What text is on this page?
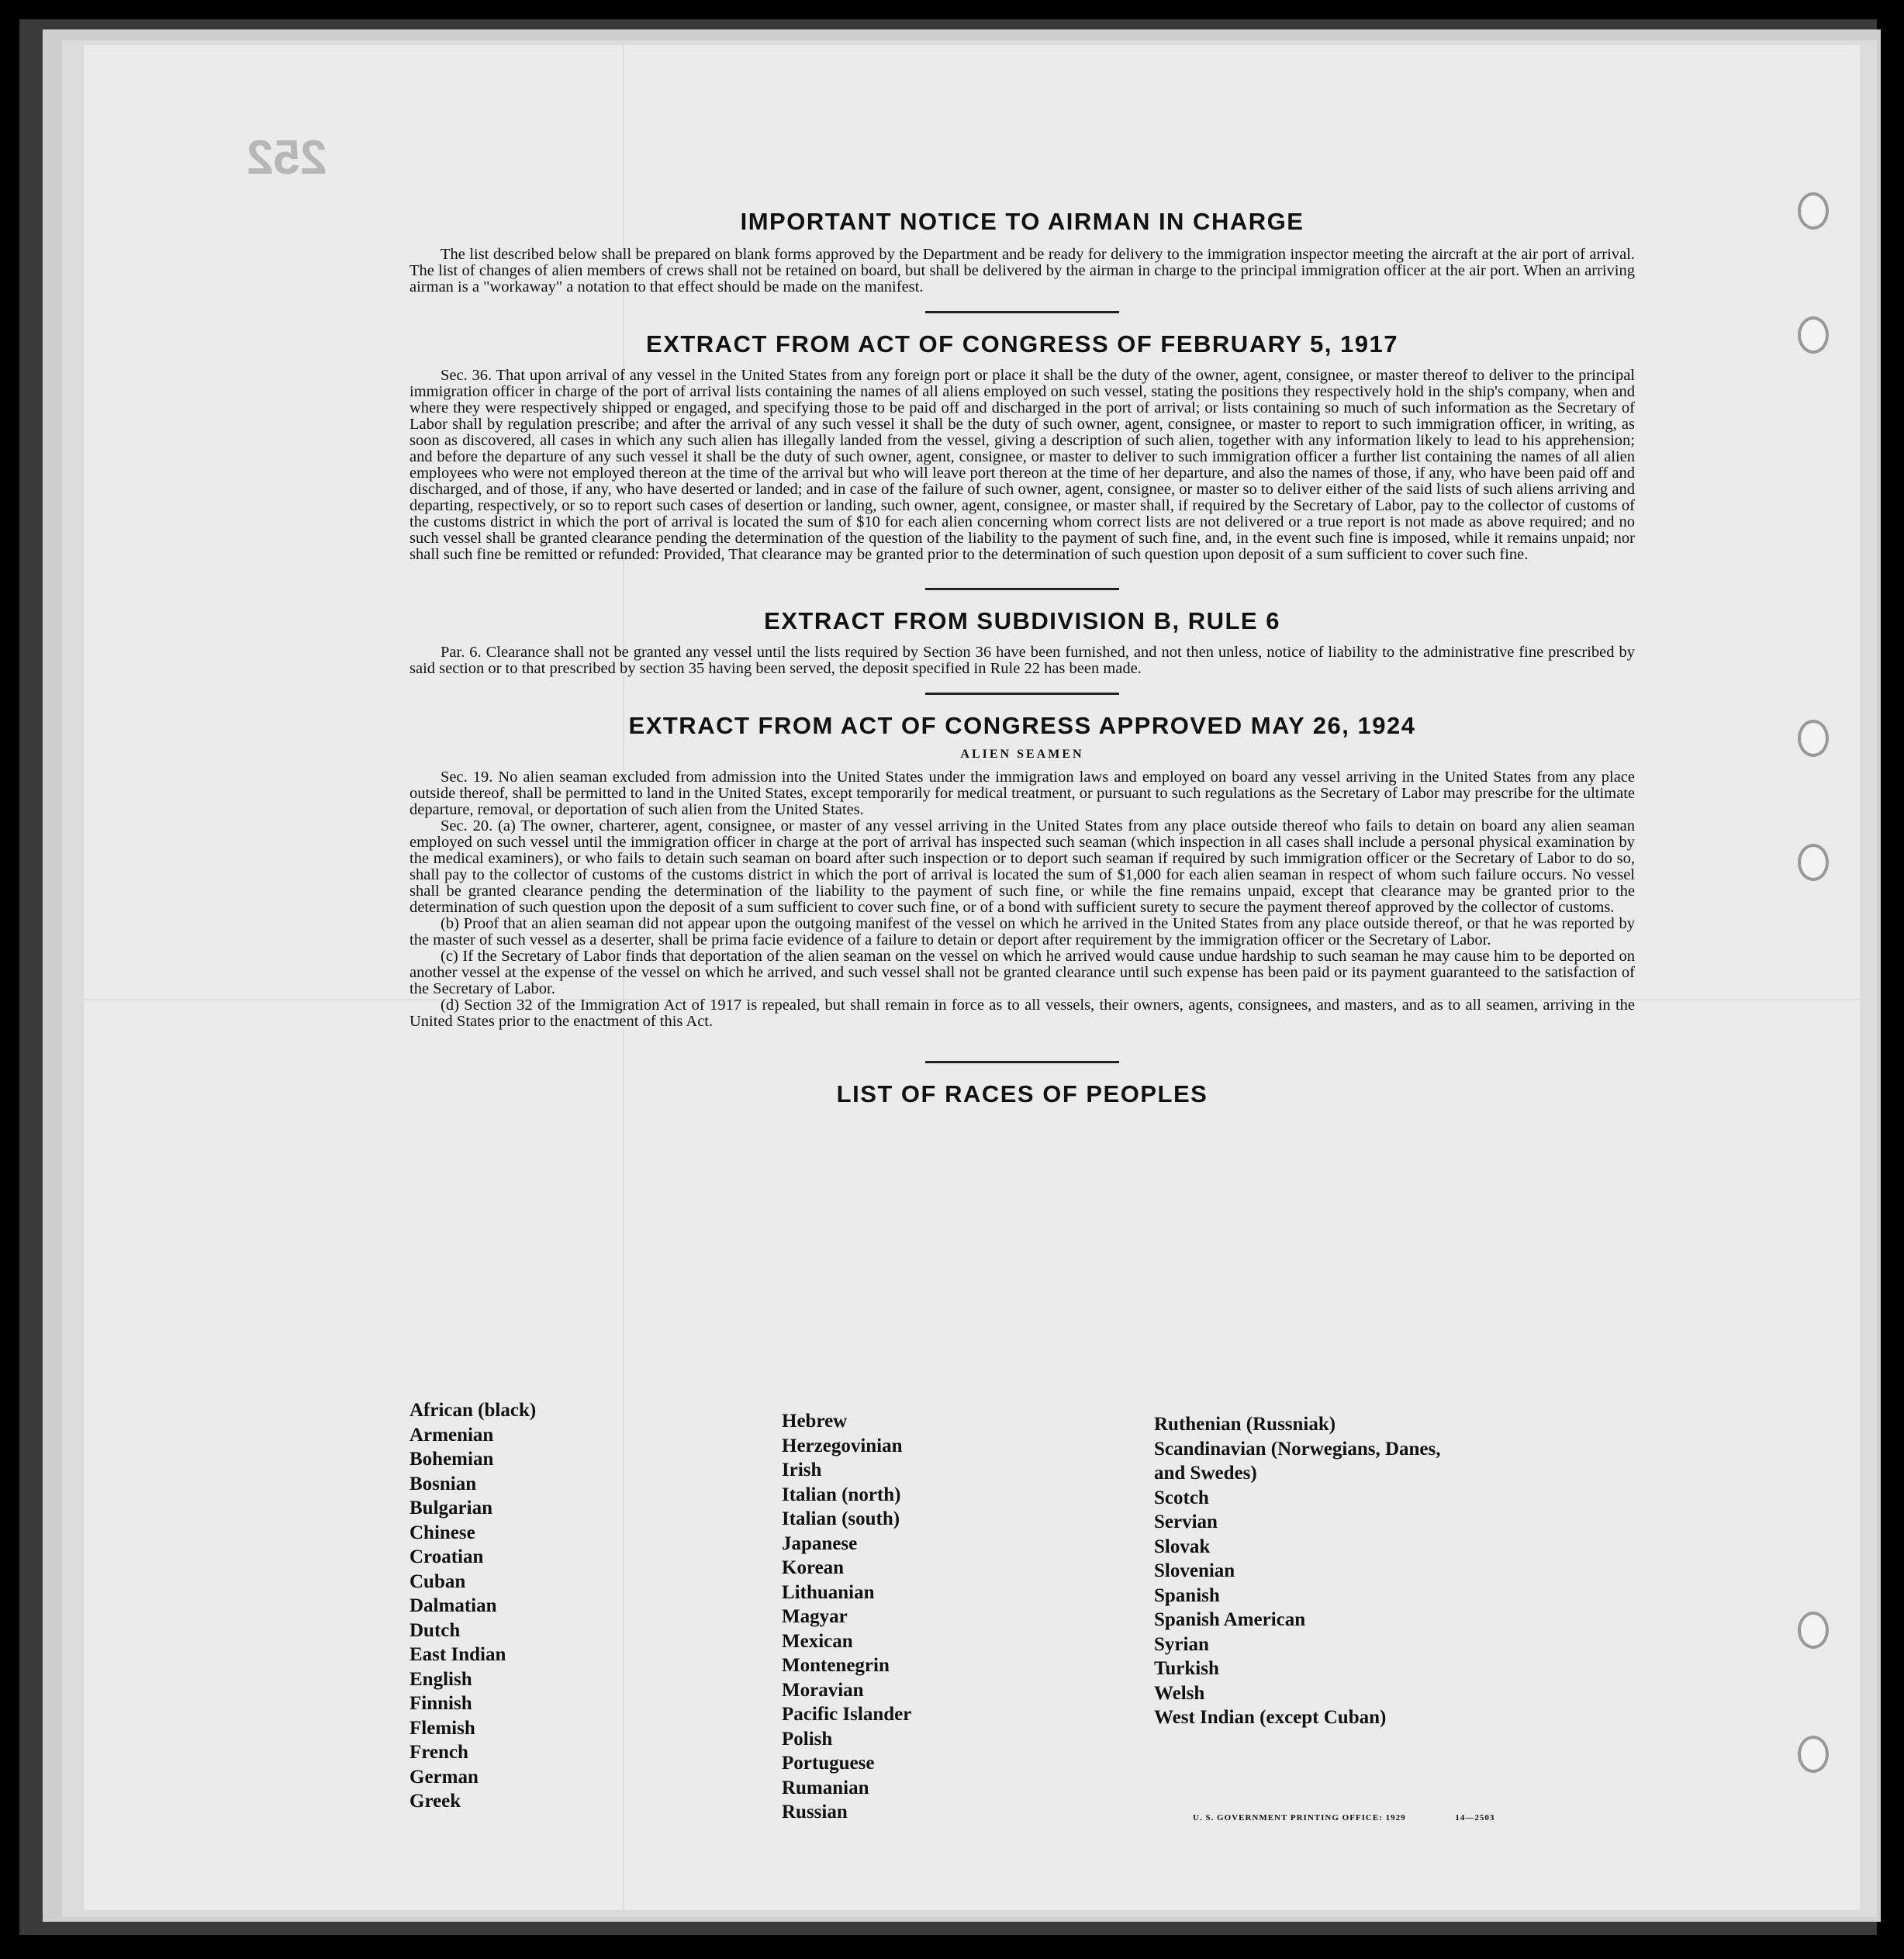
252
IMPORTANT NOTICE TO AIRMAN IN CHARGE

The list described below shall be prepared on blank forms approved by the Department and be ready for delivery to the immigration inspector meeting the aircraft at the air port of arrival. The list of changes of alien members of crews shall not be retained on board, but shall be delivered by the airman in charge to the principal immigration officer at the air port. When an arriving airman is a "workaway" a notation to that effect should be made on the manifest.

EXTRACT FROM ACT OF CONGRESS OF FEBRUARY 5, 1917

Sec. 36. That upon arrival of any vessel in the United States from any foreign port or place it shall be the duty of the owner, agent, consignee, or master thereof to deliver to the principal immigration officer in charge of the port of arrival lists containing the names of all aliens employed on such vessel, stating the positions they respectively hold in the ship's company, when and where they were respectively shipped or engaged, and specifying those to be paid off and discharged in the port of arrival; or lists containing so much of such information as the Secretary of Labor shall by regulation prescribe; and after the arrival of any such vessel it shall be the duty of such owner, agent, consignee, or master to report to such immigration officer, in writing, as soon as discovered, all cases in which any such alien has illegally landed from the vessel, giving a description of such alien, together with any information likely to lead to his apprehension; and before the departure of any such vessel it shall be the duty of such owner, agent, consignee, or master to deliver to such immigration officer a further list containing the names of all alien employees who were not employed thereon at the time of the arrival but who will leave port thereon at the time of her departure, and also the names of those, if any, who have been paid off and discharged, and of those, if any, who have deserted or landed; and in case of the failure of such owner, agent, consignee, or master so to deliver either of the said lists of such aliens arriving and departing, respectively, or so to report such cases of desertion or landing, such owner, agent, consignee, or master shall, if required by the Secretary of Labor, pay to the collector of customs of the customs district in which the port of arrival is located the sum of $10 for each alien concerning whom correct lists are not delivered or a true report is not made as above required; and no such vessel shall be granted clearance pending the determination of the question of the liability to the payment of such fine, and, in the event such fine is imposed, while it remains unpaid; nor shall such fine be remitted or refunded: Provided, That clearance may be granted prior to the determination of such question upon deposit of a sum sufficient to cover such fine.

EXTRACT FROM SUBDIVISION B, RULE 6

Par. 6. Clearance shall not be granted any vessel until the lists required by Section 36 have been furnished, and not then unless, notice of liability to the administrative fine prescribed by said section or to that prescribed by section 35 having been served, the deposit specified in Rule 22 has been made.

EXTRACT FROM ACT OF CONGRESS APPROVED MAY 26, 1924
ALIEN SEAMEN

Sec. 19. No alien seaman excluded from admission into the United States under the immigration laws and employed on board any vessel arriving in the United States from any place outside thereof, shall be permitted to land in the United States, except temporarily for medical treatment, or pursuant to such regulations as the Secretary of Labor may prescribe for the ultimate departure, removal, or deportation of such alien from the United States.

Sec. 20. (a) The owner, charterer, agent, consignee, or master of any vessel arriving in the United States from any place outside thereof who fails to detain on board any alien seaman employed on such vessel until the immigration officer in charge at the port of arrival has inspected such seaman (which inspection in all cases shall include a personal physical examination by the medical examiners), or who fails to detain such seaman on board after such inspection or to deport such seaman if required by such immigration officer or the Secretary of Labor to do so, shall pay to the collector of customs of the customs district in which the port of arrival is located the sum of $1,000 for each alien seaman in respect of whom such failure occurs. No vessel shall be granted clearance pending the determination of the liability to the payment of such fine, or while the fine remains unpaid, except that clearance may be granted prior to the determination of such question upon the deposit of a sum sufficient to cover such fine, or of a bond with sufficient surety to secure the payment thereof approved by the collector of customs.

(b) Proof that an alien seaman did not appear upon the outgoing manifest of the vessel on which he arrived in the United States from any place outside thereof, or that he was reported by the master of such vessel as a deserter, shall be prima facie evidence of a failure to detain or deport after requirement by the immigration officer or the Secretary of Labor.

(c) If the Secretary of Labor finds that deportation of the alien seaman on the vessel on which he arrived would cause undue hardship to such seaman he may cause him to be deported on another vessel at the expense of the vessel on which he arrived, and such vessel shall not be granted clearance until such expense has been paid or its payment guaranteed to the satisfaction of the Secretary of Labor.

(d) Section 32 of the Immigration Act of 1917 is repealed, but shall remain in force as to all vessels, their owners, agents, consignees, and masters, and as to all seamen, arriving in the United States prior to the enactment of this Act.

LIST OF RACES OF PEOPLES
African (black)
Armenian
Bohemian
Bosnian
Bulgarian
Chinese
Croatian
Cuban
Dalmatian
Dutch
East Indian
English
Finnish
Flemish
French
German
Greek
Hebrew
Herzegovinian
Irish
Italian (north)
Italian (south)
Japanese
Korean
Lithuanian
Magyar
Mexican
Montenegrin
Moravian
Pacific Islander
Polish
Portuguese
Rumanian
Russian
Ruthenian (Russniak)
Scandinavian (Norwegians, Danes,
and Swedes)
Scotch
Servian
Slovak
Slovenian
Spanish
Spanish American
Syrian
Turkish
Welsh
West Indian (except Cuban)
U. S. GOVERNMENT PRINTING OFFICE: 1929	14—2503
